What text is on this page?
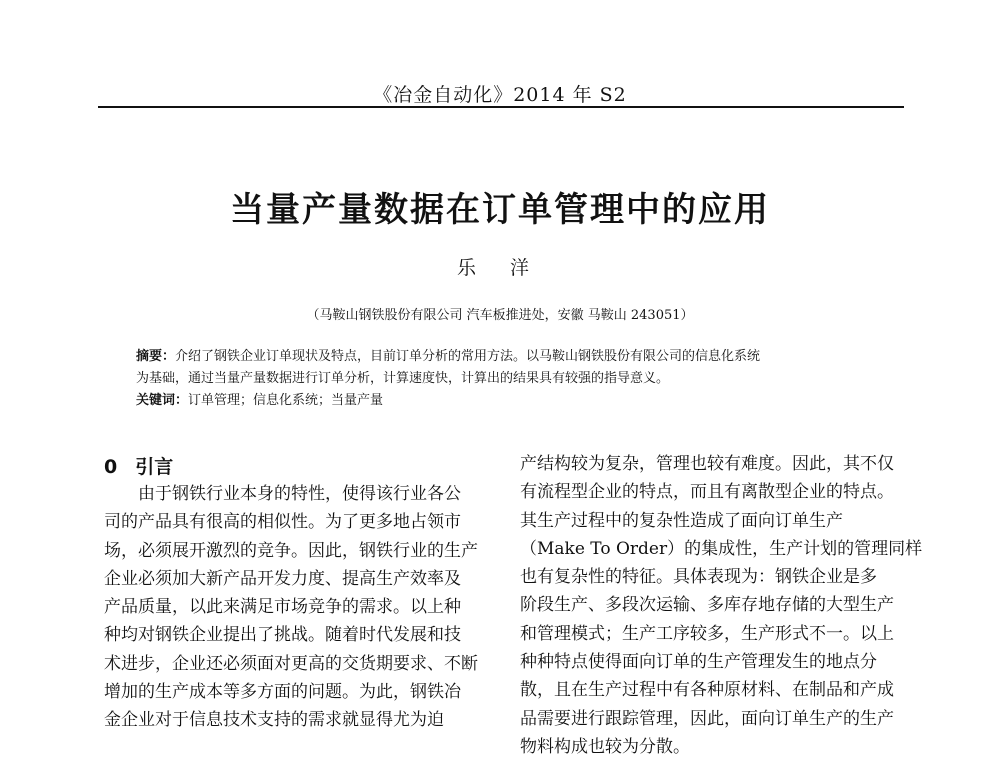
《冶金自动化》2014 年 S2
当量产量数据在订单管理中的应用
乐 洋
（马鞍山钢铁股份有限公司 汽车板推进处，安徽 马鞍山 243051）

摘要：介绍了钢铁企业订单现状及特点，目前订单分析的常用方法。以马鞍山钢铁股份有限公司的信息化系统

为基础，通过当量产量数据进行订单分析，计算速度快，计算出的结果具有较强的指导意义。

关键词：订单管理；信息化系统；当量产量

0 引言

由于钢铁行业本身的特性，使得该行业各公

司的产品具有很高的相似性。为了更多地占领市

场，必须展开激烈的竞争。因此，钢铁行业的生产

企业必须加大新产品开发力度、提高生产效率及

产品质量，以此来满足市场竞争的需求。以上种

种均对钢铁企业提出了挑战。随着时代发展和技

术进步，企业还必须面对更高的交货期要求、不断

增加的生产成本等多方面的问题。为此，钢铁冶

金企业对于信息技术支持的需求就显得尤为迫

产结构较为复杂，管理也较有难度。因此，其不仅

有流程型企业的特点，而且有离散型企业的特点。

其生产过程中的复杂性造成了面向订单生产

（Make To Order）的集成性，生产计划的管理同样

也有复杂性的特征。具体表现为：钢铁企业是多

阶段生产、多段次运输、多库存地存储的大型生产

和管理模式；生产工序较多，生产形式不一。以上

种种特点使得面向订单的生产管理发生的地点分

散，且在生产过程中有各种原材料、在制品和产成

品需要进行跟踪管理，因此，面向订单生产的生产

物料构成也较为分散。
